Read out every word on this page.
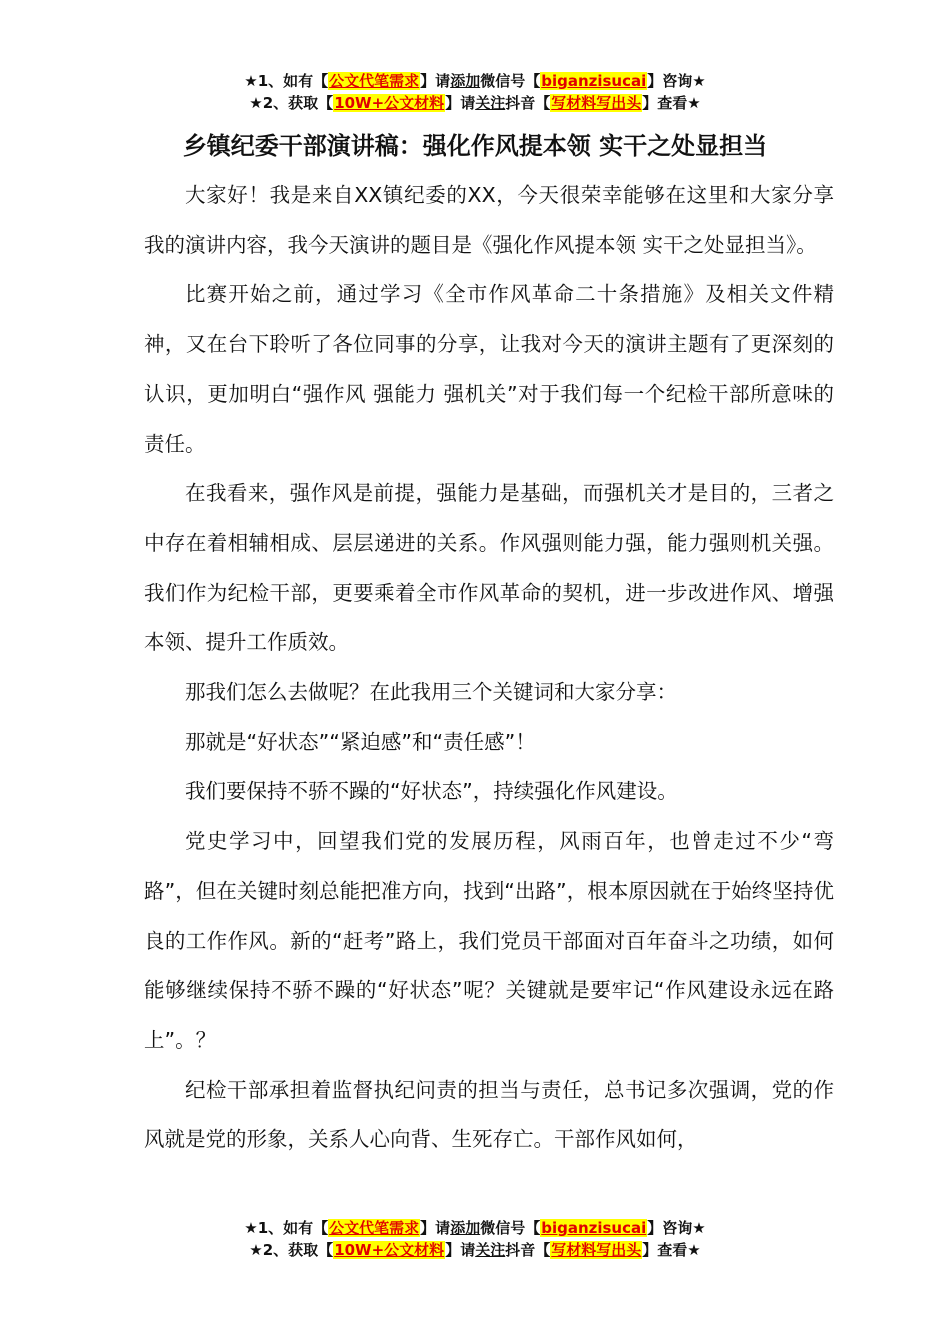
★1、如有【公文代笔需求】请添加微信号【biganzisucai】咨询★
★2、获取【10W+公文材料】请关注抖音【写材料写出头】查看★
乡镇纪委干部演讲稿：强化作风提本领 实干之处显担当

大家好！我是来自XX镇纪委的XX，今天很荣幸能够在这里和大家分享我的演讲内容，我今天演讲的题目是《强化作风提本领 实干之处显担当》。

比赛开始之前，通过学习《全市作风革命二十条措施》及相关文件精神，又在台下聆听了各位同事的分享，让我对今天的演讲主题有了更深刻的认识，更加明白“强作风 强能力 强机关”对于我们每一个纪检干部所意味的责任。

在我看来，强作风是前提，强能力是基础，而强机关才是目的，三者之中存在着相辅相成、层层递进的关系。作风强则能力强，能力强则机关强。我们作为纪检干部，更要乘着全市作风革命的契机，进一步改进作风、增强本领、提升工作质效。

那我们怎么去做呢？在此我用三个关键词和大家分享：

那就是“好状态”“紧迫感”和“责任感”！

我们要保持不骄不躁的“好状态”，持续强化作风建设。

党史学习中，回望我们党的发展历程，风雨百年，也曾走过不少“弯路”，但在关键时刻总能把准方向，找到“出路”，根本原因就在于始终坚持优良的工作作风。新的“赶考”路上，我们党员干部面对百年奋斗之功绩，如何能够继续保持不骄不躁的“好状态”呢？关键就是要牢记“作风建设永远在路上”。？

纪检干部承担着监督执纪问责的担当与责任，总书记多次强调，党的作风就是党的形象，关系人心向背、生死存亡。干部作风如何，

★1、如有【公文代笔需求】请添加微信号【biganzisucai】咨询★
★2、获取【10W+公文材料】请关注抖音【写材料写出头】查看★
